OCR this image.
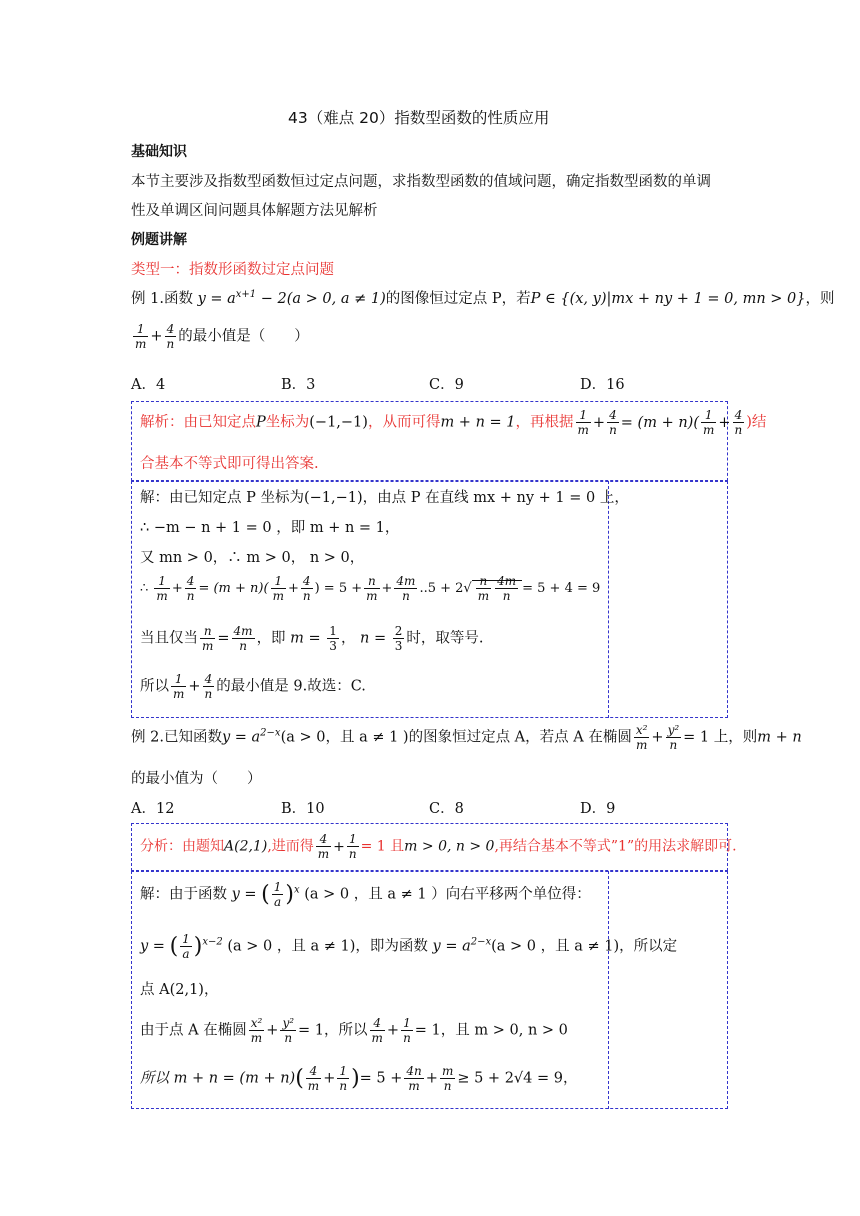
43（难点 20）指数型函数的性质应用
基础知识
本节主要涉及指数型函数恒过定点问题，求指数型函数的值域问题，确定指数型函数的单调
性及单调区间问题具体解题方法见解析
例题讲解
类型一：指数形函数过定点问题
例 1.函数 $y = a^{x+1} - 2(a > 0$, a ≠ 1)的图像恒过定点 P，若P ∈ {(x, y)|mx + ny + 1 = 0, mn > 0}，则
$\frac{1}{m} + \frac{4}{n}$ 的最小值是（　　）
A．4	B．3	C．9	D．16
解析：由已知定点P坐标为(−1,−1)，从而可得m + n = 1，再根据 $\frac{1}{m} + \frac{4}{n} = (m + n)( \frac{1}{m} + \frac{4}{n}$ )结
合基本不等式即可得出答案.
解：由已知定点 P 坐标为(−1,−1)，由点 P 在直线 mx + ny + 1 = 0 上，
∴ −m − n + 1 = 0 ，即 m + n = 1，
又 mn > 0，∴ m > 0， n > 0，
∴ $\frac{1}{m} + \frac{4}{n} = (m + n)( \frac{1}{m} + \frac{4}{n}$ ) = $5 + \frac{n}{m} + \frac{4m}{n} ..5 + 2√ \frac{n}{m} \frac{4m}{n} = 5 + 4 = 9$
当且仅当 $\frac{n}{m} = \frac{4m}{n}$ ，即 $m = \frac{1}{3}$ ， $n = \frac{2}{3}$ 时，取等号.
所以 $\frac{1}{m} + \frac{4}{n}$ 的最小值是 9.故选：C.
例 2.已知函数$y = a^{2-x}(a > 0$，且 a ≠ 1 )的图象恒过定点 A，若点 A 在椭圆 $\frac{\text{x²}}{m} + \frac{\text{y²}}{n} = 1$ 上，则m + n
的最小值为（　　）
A．12	B．10	C．8	D．9
分析：由题知A(2,1),进而得 $\frac{4}{m} + \frac{1}{n} = 1$ 且m > 0, n > 0,再结合基本不等式”1”的用法求解即可.
解：由于函数 y = ( $\frac{1}{a} )^x$ (a > 0 ，且 a ≠ 1 ）向右平移两个单位得：
y = ( $\frac{1}{a} )^{x-2}$ (a > 0 ，且 a ≠ 1)，即为函数 $y = a^{2-x}(a > 0$ ，且 a ≠ 1)，所以定
点 A(2,1)，
由于点 A 在椭圆 $\frac{\text{x²}}{m} + \frac{\text{y²}}{n} = 1$，所以 $\frac{4}{m} + \frac{1}{n} = 1$，且 m > 0, n > 0
所以 $m + n = (m + n)( \frac{4}{m} + \frac{1}{n}$ )= $5 + \frac{4n}{m} + \frac{m}{n} \ge 5 + 2√4 = 9$，
